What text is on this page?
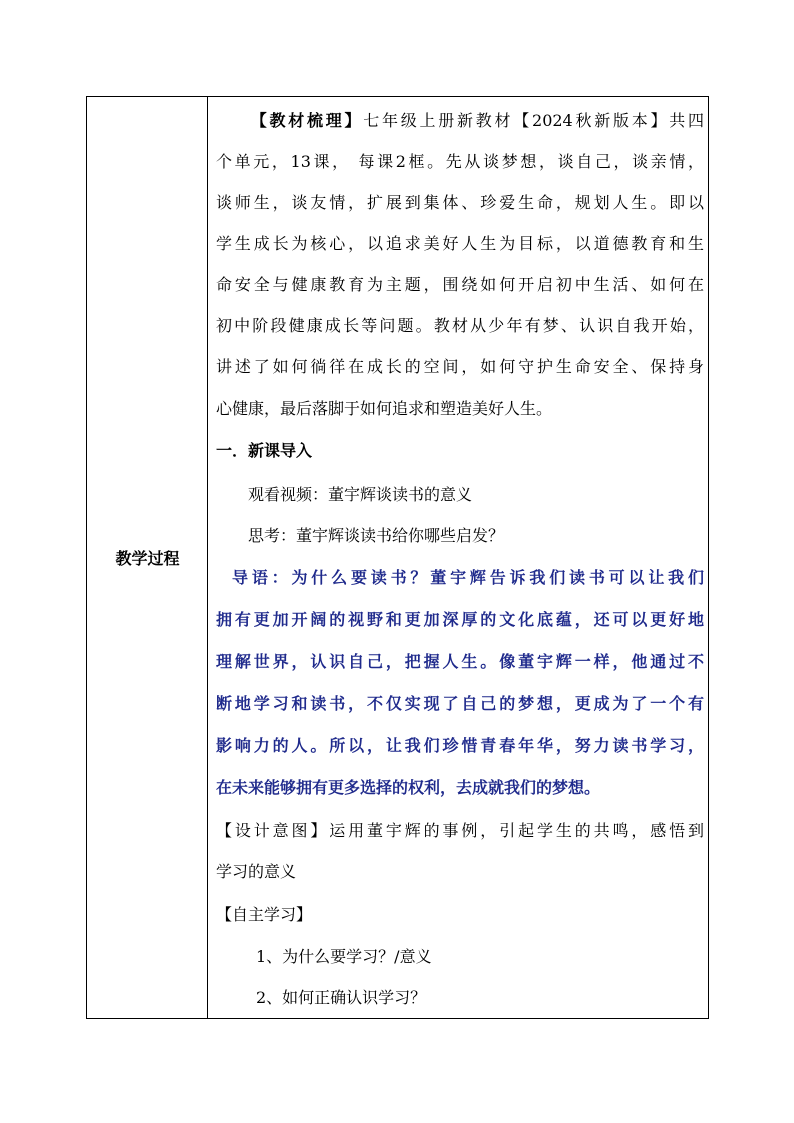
教学过程
【教材梳理】七年级上册新教材【2024秋新版本】共四
个单元，13课， 每课2框。先从谈梦想，谈自己，谈亲情，
谈师生，谈友情，扩展到集体、珍爱生命，规划人生。即以
学生成长为核心，以追求美好人生为目标，以道德教育和生
命安全与健康教育为主题，围绕如何开启初中生活、如何在
初中阶段健康成长等问题。教材从少年有梦、认识自我开始，
讲述了如何徜徉在成长的空间，如何守护生命安全、保持身
心健康，最后落脚于如何追求和塑造美好人生。
一．新课导入
观看视频：董宇辉谈读书的意义
思考：董宇辉谈读书给你哪些启发？
导语：为什么要读书？董宇辉告诉我们读书可以让我们
拥有更加开阔的视野和更加深厚的文化底蕴，还可以更好地
理解世界，认识自己，把握人生。像董宇辉一样，他通过不
断地学习和读书，不仅实现了自己的梦想，更成为了一个有
影响力的人。所以，让我们珍惜青春年华，努力读书学习，
在未来能够拥有更多选择的权利，去成就我们的梦想。
【设计意图】运用董宇辉的事例，引起学生的共鸣，感悟到
学习的意义
【自主学习】
1、为什么要学习？/意义
2、如何正确认识学习？
